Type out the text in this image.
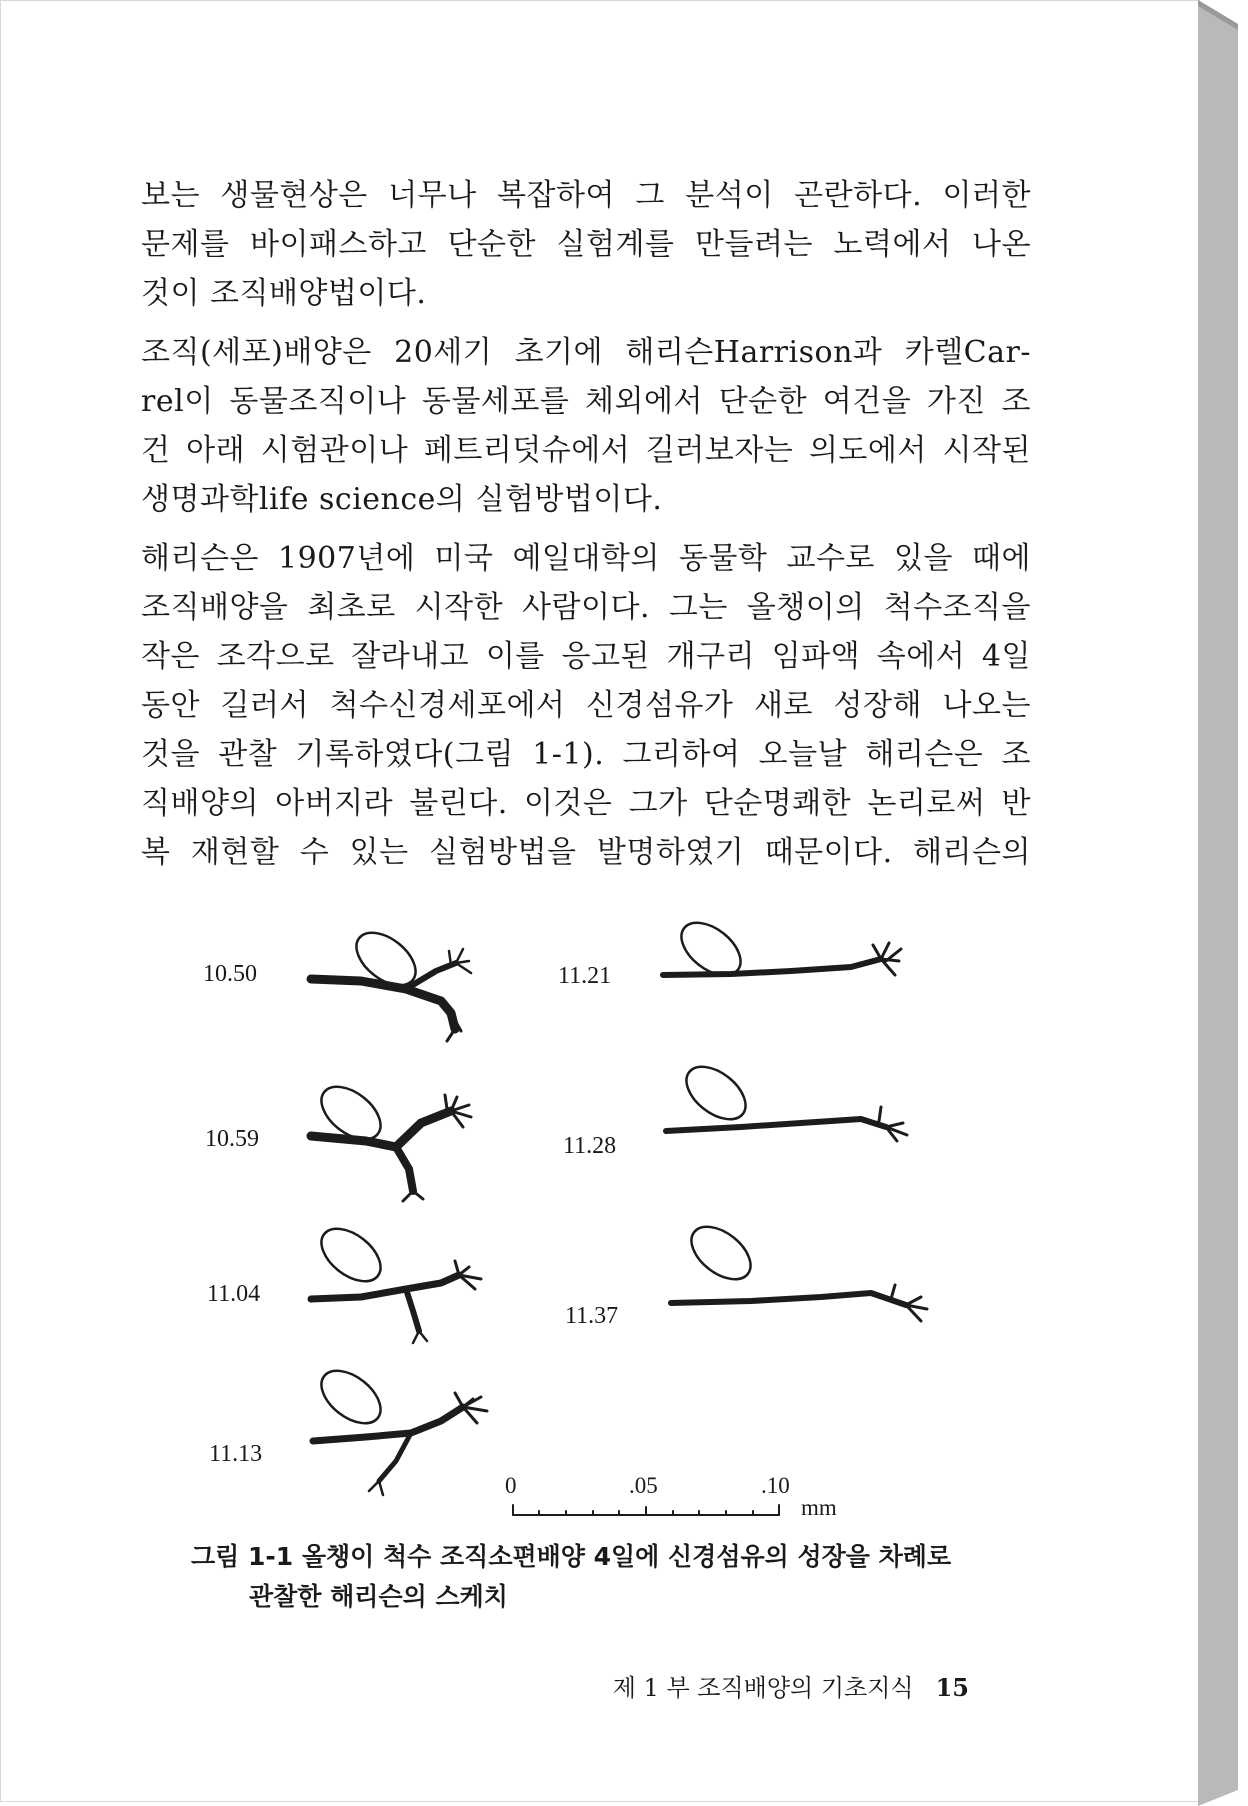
보는 생물현상은 너무나 복잡하여 그 분석이 곤란하다. 이러한

문제를 바이패스하고 단순한 실험계를 만들려는 노력에서 나온

것이 조직배양법이다.

조직(세포)배양은 20세기 초기에 해리슨Harrison과 카렐Car-

rel이 동물조직이나 동물세포를 체외에서 단순한 여건을 가진 조

건 아래 시험관이나 페트리덧슈에서 길러보자는 의도에서 시작된

생명과학life science의 실험방법이다.

해리슨은 1907년에 미국 예일대학의 동물학 교수로 있을 때에

조직배양을 최초로 시작한 사람이다. 그는 올챙이의 척수조직을

작은 조각으로 잘라내고 이를 응고된 개구리 임파액 속에서 4일

동안 길러서 척수신경세포에서 신경섬유가 새로 성장해 나오는

것을 관찰 기록하였다(그림 1-1). 그리하여 오늘날 해리슨은 조

직배양의 아버지라 불린다. 이것은 그가 단순명쾌한 논리로써 반

복 재현할 수 있는 실험방법을 발명하였기 때문이다. 해리슨의

10.50
10.59
11.04
11.13
11.21
11.28
11.37
0	.05	.10
mm
그림 1-1 올챙이 척수 조직소편배양 4일에 신경섬유의 성장을 차례로
관찰한 해리슨의 스케치
제 1 부 조직배양의 기초지식 15
